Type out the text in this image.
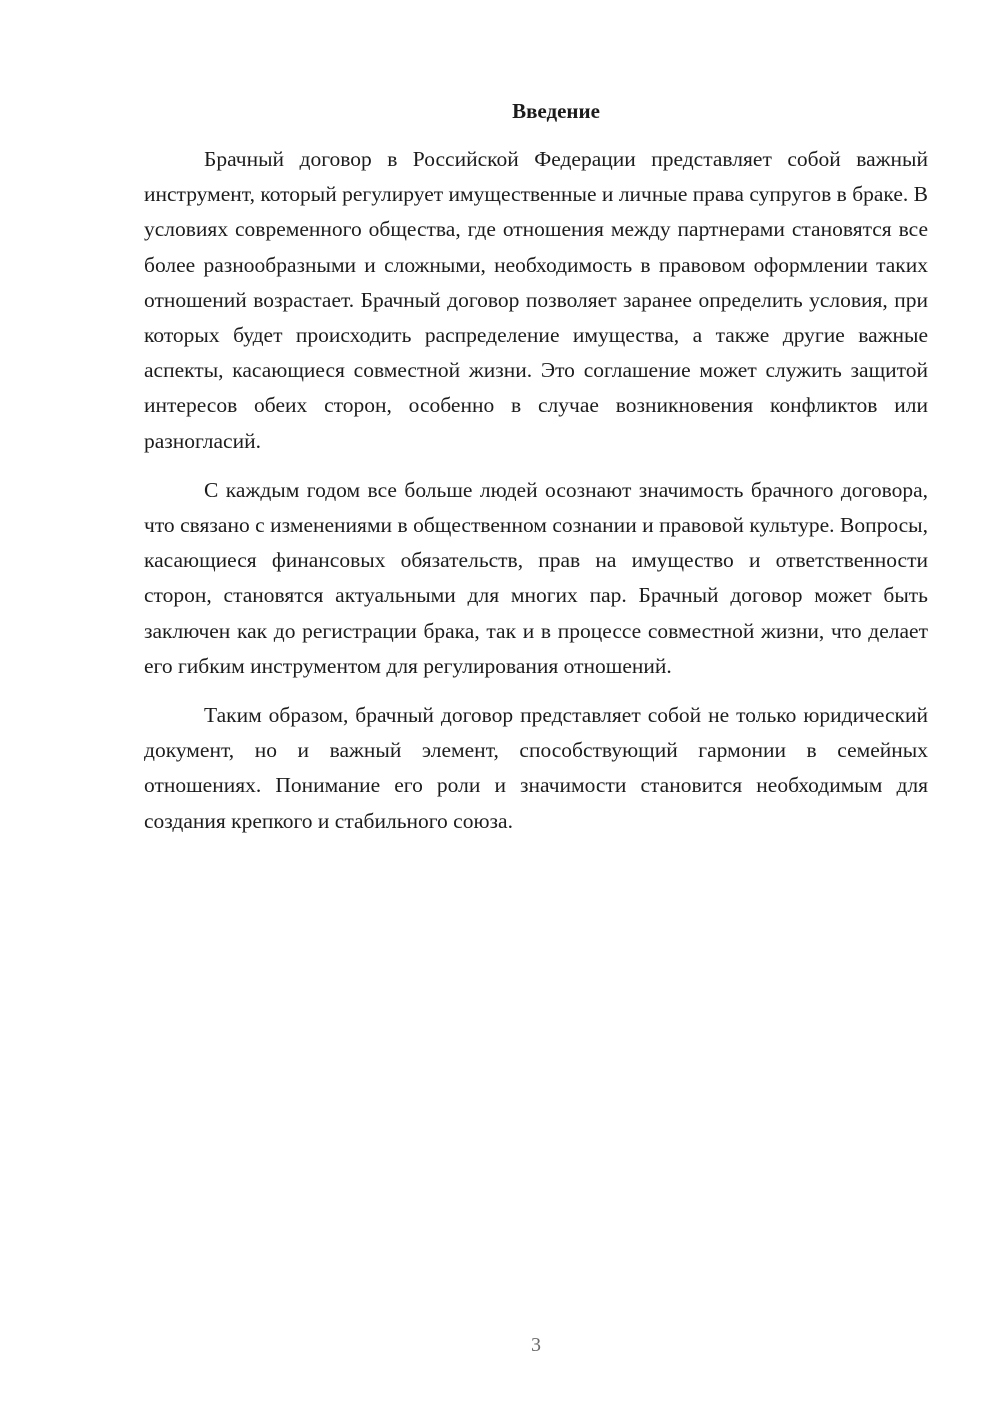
Введение

Брачный договор в Российской Федерации представляет собой важный инструмент, который регулирует имущественные и личные права супругов в браке. В условиях современного общества, где отношения между партнерами становятся все более разнообразными и сложными, необходимость в правовом оформлении таких отношений возрастает. Брачный договор позволяет заранее определить условия, при которых будет происходить распределение имущества, а также другие важные аспекты, касающиеся совместной жизни. Это соглашение может служить защитой интересов обеих сторон, особенно в случае возникновения конфликтов или разногласий.

С каждым годом все больше людей осознают значимость брачного договора, что связано с изменениями в общественном сознании и правовой культуре. Вопросы, касающиеся финансовых обязательств, прав на имущество и ответственности сторон, становятся актуальными для многих пар. Брачный договор может быть заключен как до регистрации брака, так и в процессе совместной жизни, что делает его гибким инструментом для регулирования отношений.

Таким образом, брачный договор представляет собой не только юридический документ, но и важный элемент, способствующий гармонии в семейных отношениях. Понимание его роли и значимости становится необходимым для создания крепкого и стабильного союза.

3
